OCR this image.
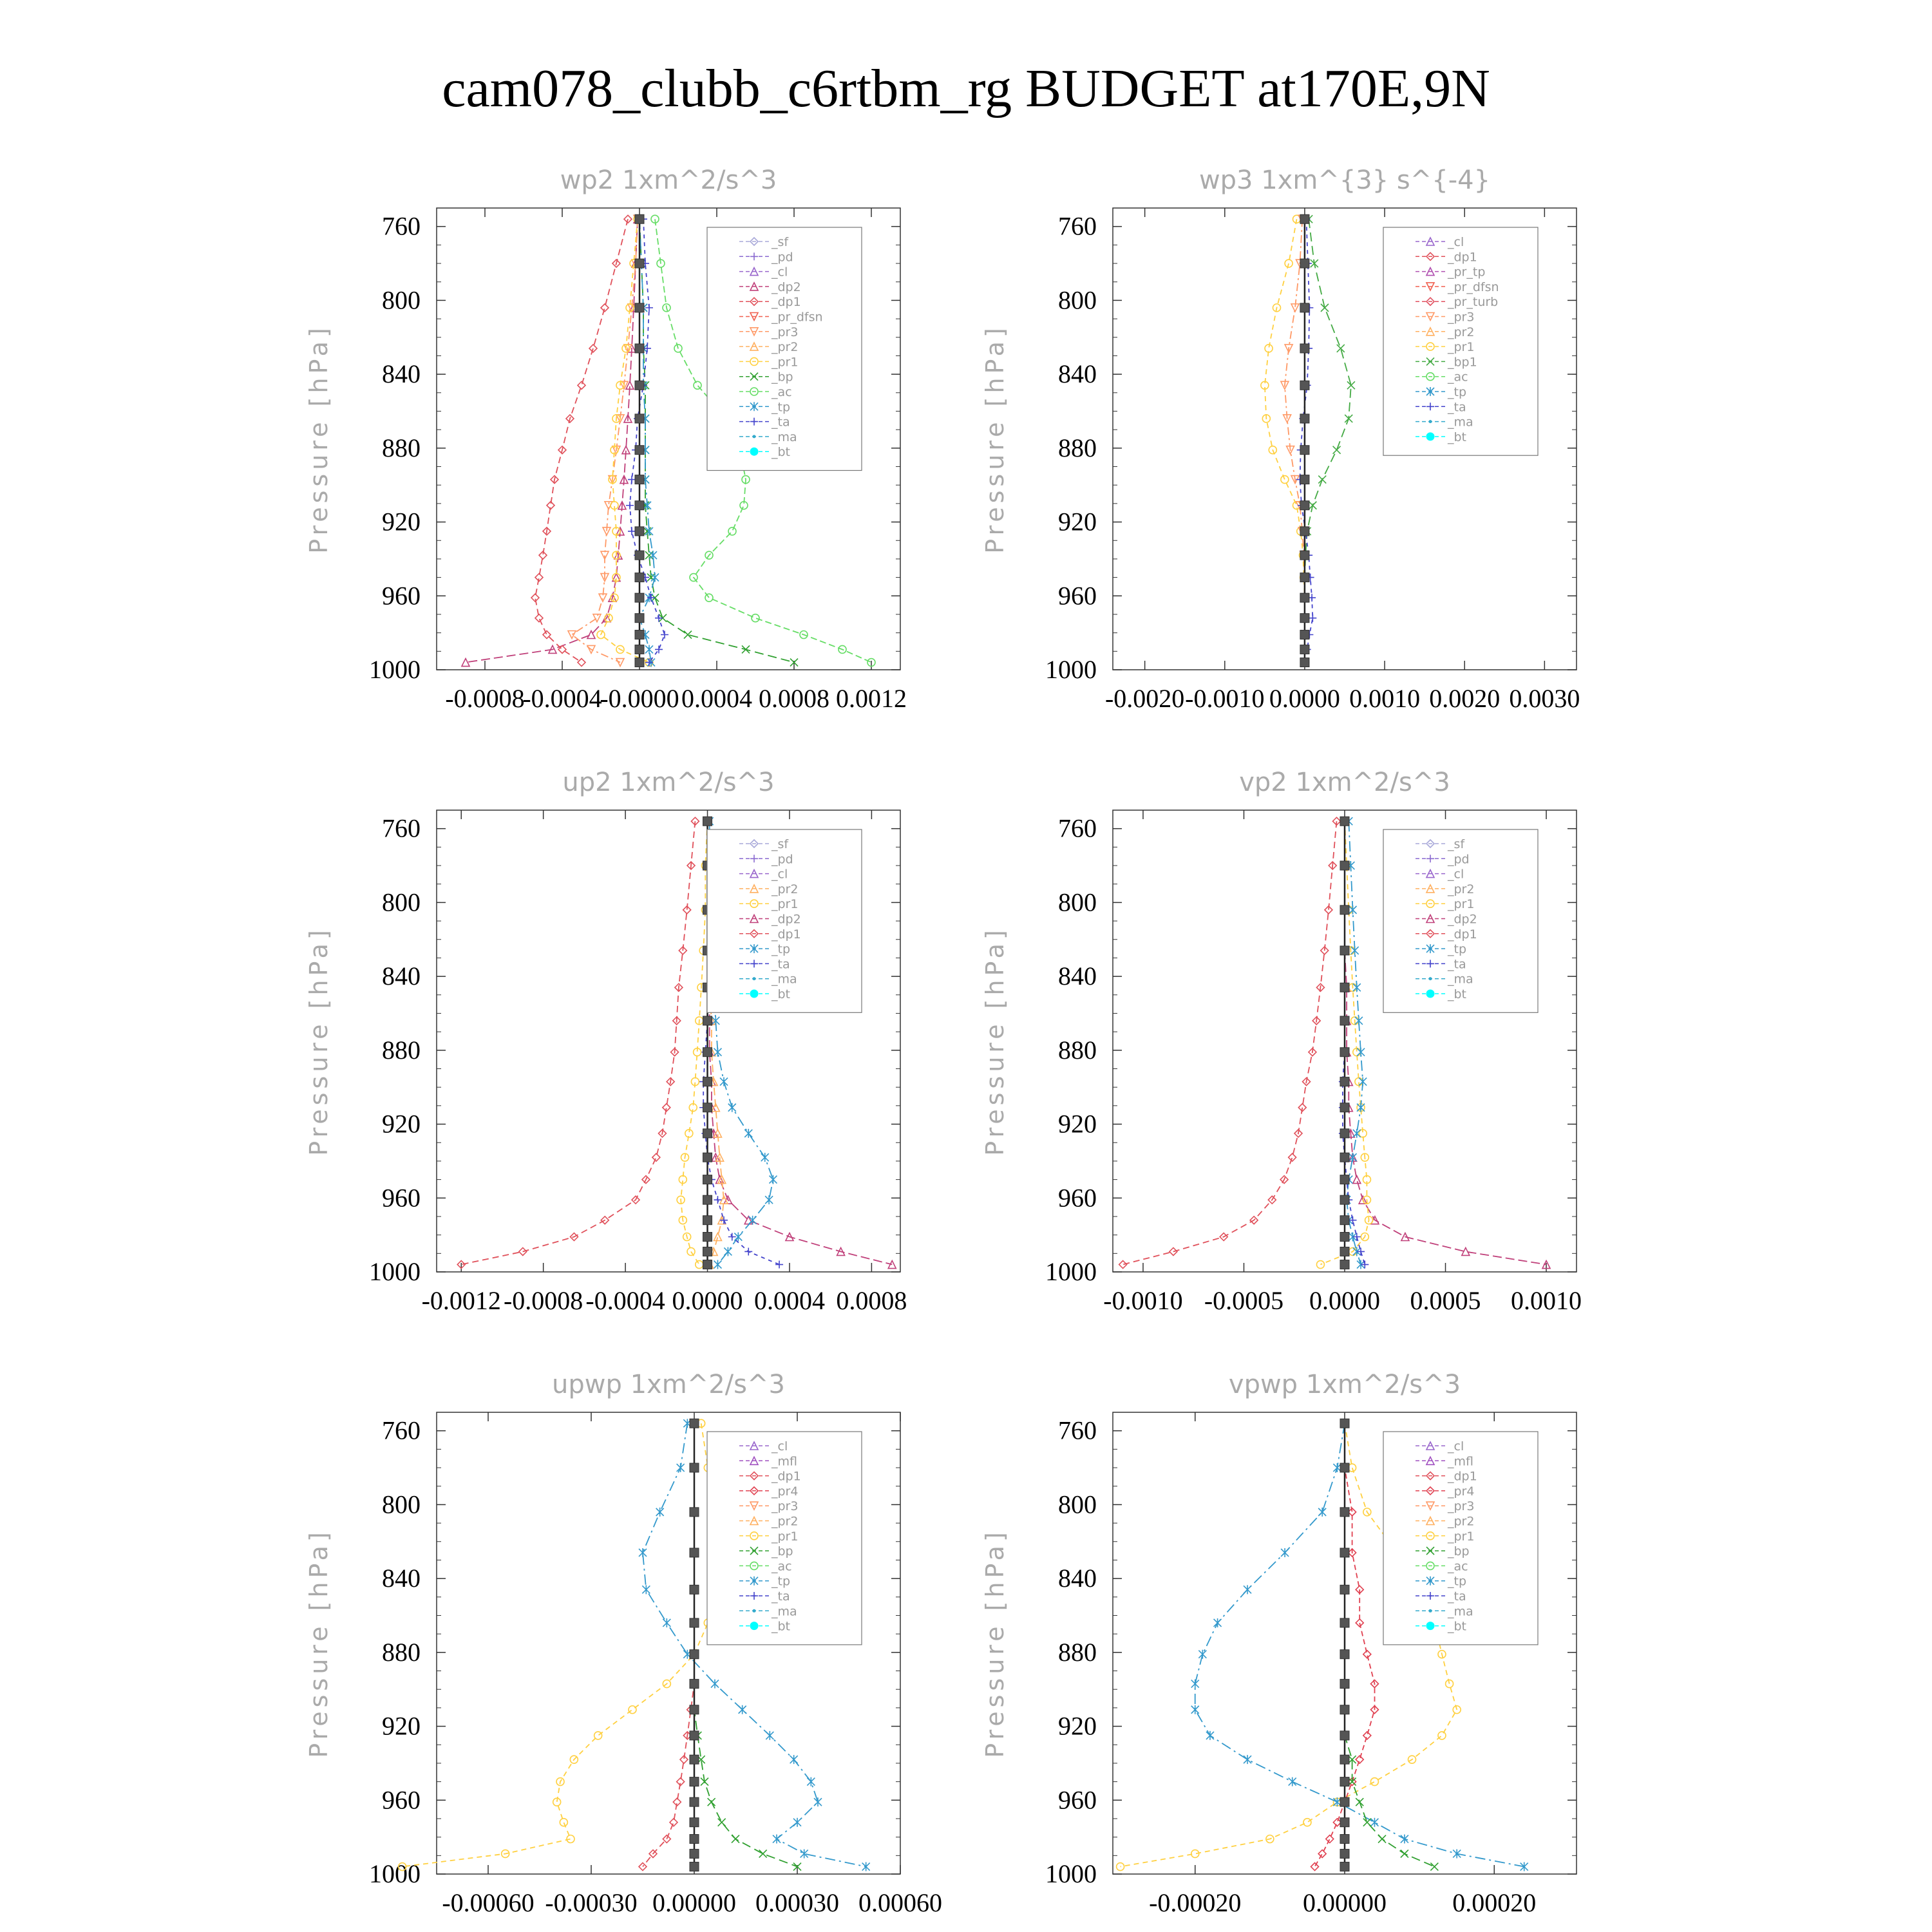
cam078_clubb_c6rtbm_rg BUDGET at170E,9N
wp2 1xm^2/s^3
Pressure [hPa]
760
800
840
880
920
960
1000
-0.0008
-0.0004
-0.0000 0.0004 0.0008 0.0012
_sf
_pd
_cl
_dp2
_dp1
_pr_dfsn
_pr3
_pr2
_pr1
_bp
_ac
_tp
_ta
_ma
_bt
wp3 1xm^{3} s^{-4}
Pressure [hPa]
760
800
840
880
920
960
1000
-0.0020 -0.0010 0.0000 0.0010 0.0020 0.0030
_cl
_dp1
_pr_tp
_pr_dfsn
_pr_turb
_pr3
_pr2
_pr1
_bp1
_ac
_tp
_ta
_ma
_bt
up2 1xm^2/s^3
Pressure [hPa]
760
800
840
880
920
960
1000
-0.0012 -0.0008 -0.0004 0.0000 0.0004 0.0008
_sf
_pd
_cl
_pr2
_pr1
_dp2
_dp1
_tp
_ta
_ma
_bt
vp2 1xm^2/s^3
Pressure [hPa]
760
800
840
880
920
960
1000
-0.0010 -0.0005 0.0000 0.0005 0.0010
_sf
_pd
_cl
_pr2
_pr1
_dp2
_dp1
_tp
_ta
_ma
_bt
upwp 1xm^2/s^3
Pressure [hPa]
760
800
840
880
920
960
1000
-0.00060 -0.00030 0.00000 0.00030 0.00060
_cl
_mfl
_dp1
_pr4
_pr3
_pr2
_pr1
_bp
_ac
_tp
_ta
_ma
_bt
vpwp 1xm^2/s^3
Pressure [hPa]
760
800
840
880
920
960
1000
-0.00020 0.00000	0.00020
_cl
_mfl
_dp1
_pr4
_pr3
_pr2
_pr1
_bp
_ac
_tp
_ta
_ma
_bt
